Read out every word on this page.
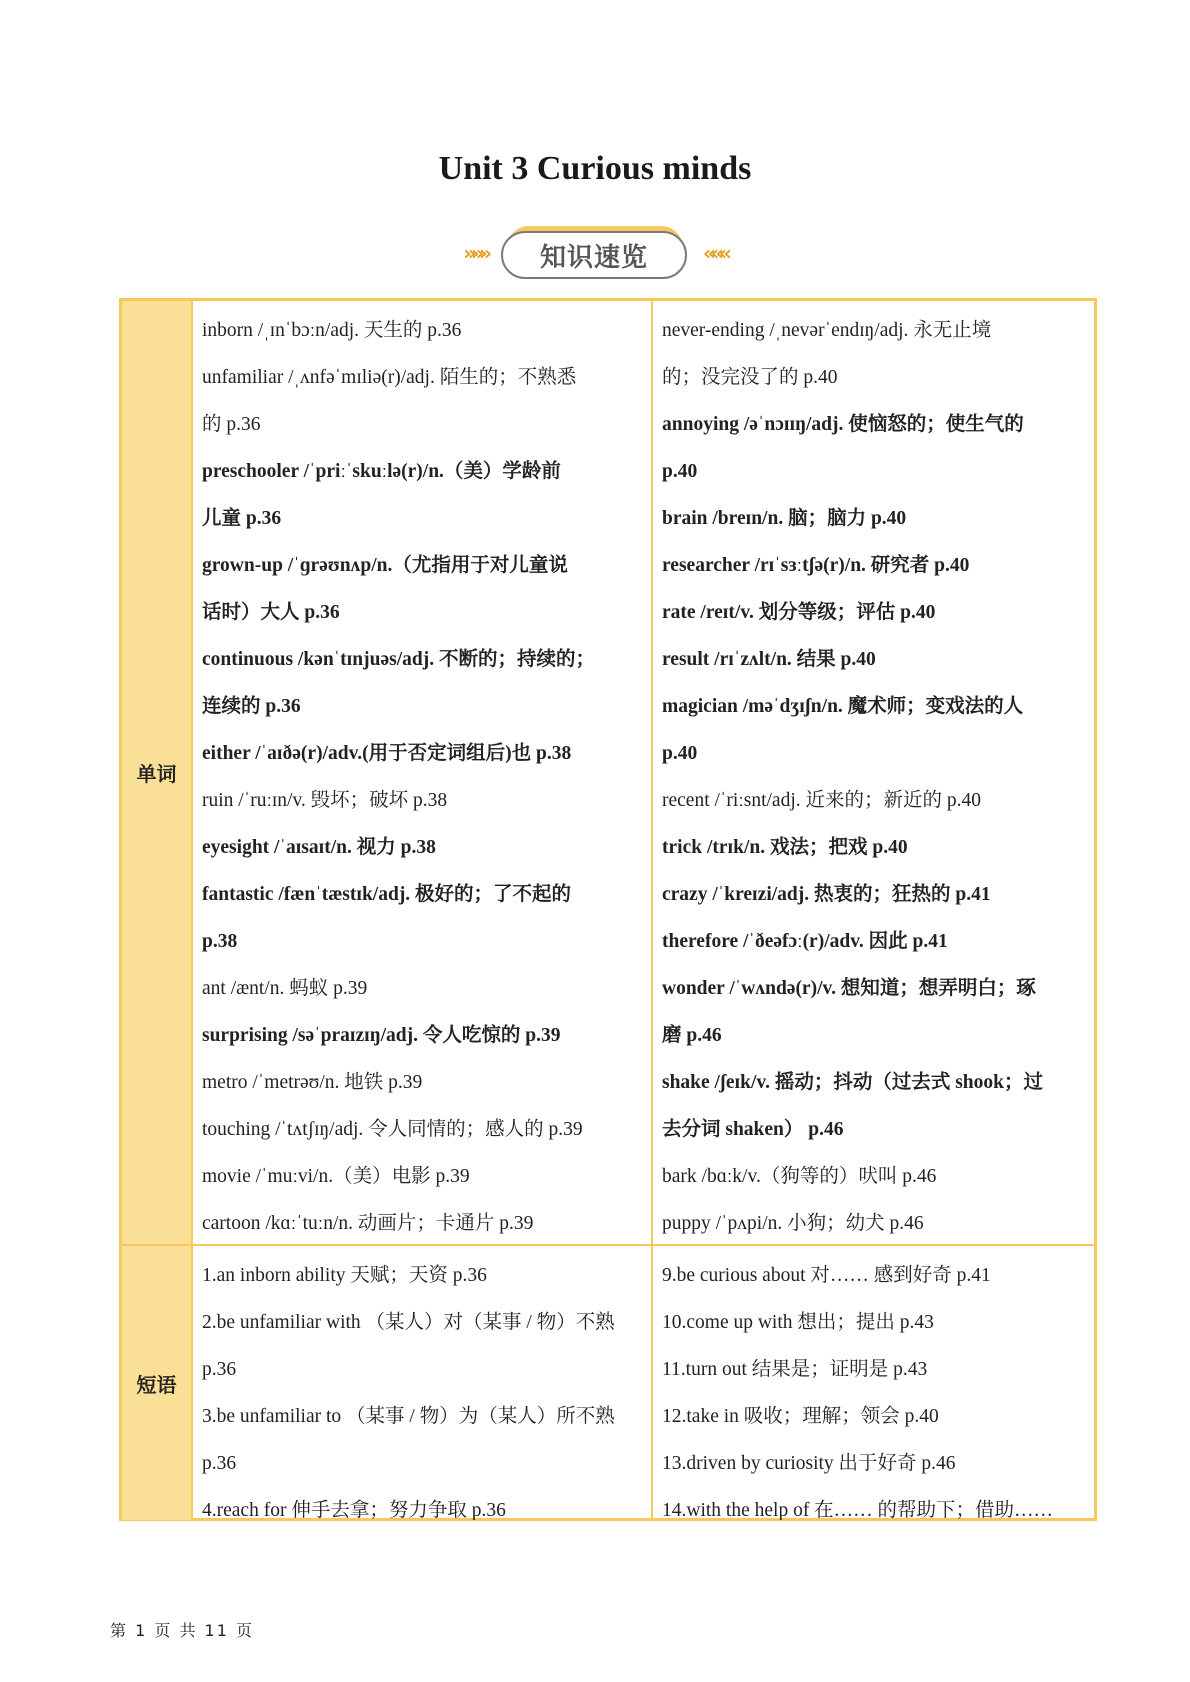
Unit 3 Curious minds
»»»	知识速览	«««
单词
inborn /ˌɪnˈbɔːn/adj. 天生的 p.36
unfamiliar /ˌʌnfəˈmɪliə(r)/adj. 陌生的；不熟悉
的 p.36
preschooler /ˈpriːˈskuːlə(r)/n.（美）学龄前
儿童 p.36
grown-up /ˈɡrəʊnʌp/n.（尤指用于对儿童说
话时）大人 p.36
continuous /kənˈtɪnjuəs/adj. 不断的；持续的；
连续的 p.36
either /ˈaɪðə(r)/adv.(用于否定词组后)也 p.38
ruin /ˈruːɪn/v. 毁坏；破坏 p.38
eyesight /ˈaɪsaɪt/n. 视力 p.38
fantastic /fænˈtæstɪk/adj. 极好的；了不起的
p.38
ant /ænt/n. 蚂蚁 p.39
surprising /səˈpraɪzɪŋ/adj. 令人吃惊的 p.39
metro /ˈmetrəʊ/n. 地铁 p.39
touching /ˈtʌtʃɪŋ/adj. 令人同情的；感人的 p.39
movie /ˈmuːvi/n.（美）电影 p.39
cartoon /kɑːˈtuːn/n. 动画片；卡通片 p.39
never-ending /ˌnevərˈendɪŋ/adj. 永无止境
的；没完没了的 p.40
annoying /əˈnɔɪɪŋ/adj. 使恼怒的；使生气的
p.40
brain /breɪn/n. 脑；脑力 p.40
researcher /rɪˈsɜːtʃə(r)/n. 研究者 p.40
rate /reɪt/v. 划分等级；评估 p.40
result /rɪˈzʌlt/n. 结果 p.40
magician /məˈdʒɪʃn/n. 魔术师；变戏法的人
p.40
recent /ˈriːsnt/adj. 近来的；新近的 p.40
trick /trɪk/n. 戏法；把戏 p.40
crazy /ˈkreɪzi/adj. 热衷的；狂热的 p.41
therefore /ˈðeəfɔː(r)/adv. 因此 p.41
wonder /ˈwʌndə(r)/v. 想知道；想弄明白；琢
磨 p.46
shake /ʃeɪk/v. 摇动；抖动（过去式 shook；过
去分词 shaken） p.46
bark /bɑːk/v.（狗等的）吠叫 p.46
puppy /ˈpʌpi/n. 小狗；幼犬 p.46
短语
1.an inborn ability 天赋；天资 p.36
2.be unfamiliar with （某人）对（某事 / 物）不熟
p.36
3.be unfamiliar to （某事 / 物）为（某人）所不熟
p.36
4.reach for 伸手去拿；努力争取 p.36
9.be curious about 对…… 感到好奇 p.41
10.come up with 想出；提出 p.43
11.turn out 结果是；证明是 p.43
12.take in 吸收；理解；领会 p.40
13.driven by curiosity 出于好奇 p.46
14.with the help of 在…… 的帮助下；借助……
第 1 页 共 11 页
